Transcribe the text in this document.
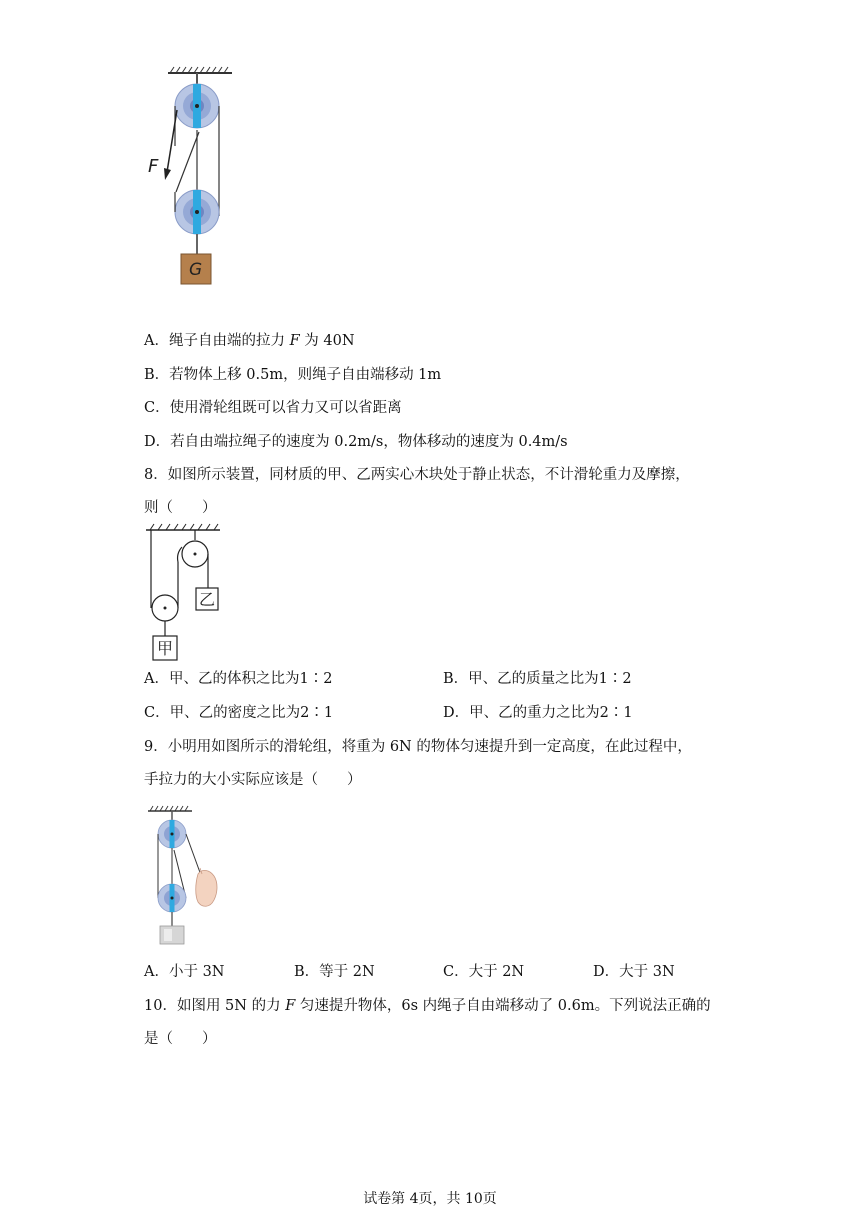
F
G
A．绳子自由端的拉力 F 为 40N
B．若物体上移 0.5m，则绳子自由端移动 1m
C．使用滑轮组既可以省力又可以省距离
D．若自由端拉绳子的速度为 0.2m/s，物体移动的速度为 0.4m/s
8．如图所示装置，同材质的甲、乙两实心木块处于静止状态，不计滑轮重力及摩擦，
则（　　）
乙
甲
A．甲、乙的体积之比为1∶2	B．甲、乙的质量之比为1∶2
C．甲、乙的密度之比为2∶1	D．甲、乙的重力之比为2∶1
9．小明用如图所示的滑轮组，将重为 6N 的物体匀速提升到一定高度，在此过程中，
手拉力的大小实际应该是（　　）
A．小于 3N	B．等于 2N	C．大于 2N	D．大于 3N
10．如图用 5N 的力 F 匀速提升物体，6s 内绳子自由端移动了 0.6m。下列说法正确的
是（　　）
试卷第 4页，共 10页
